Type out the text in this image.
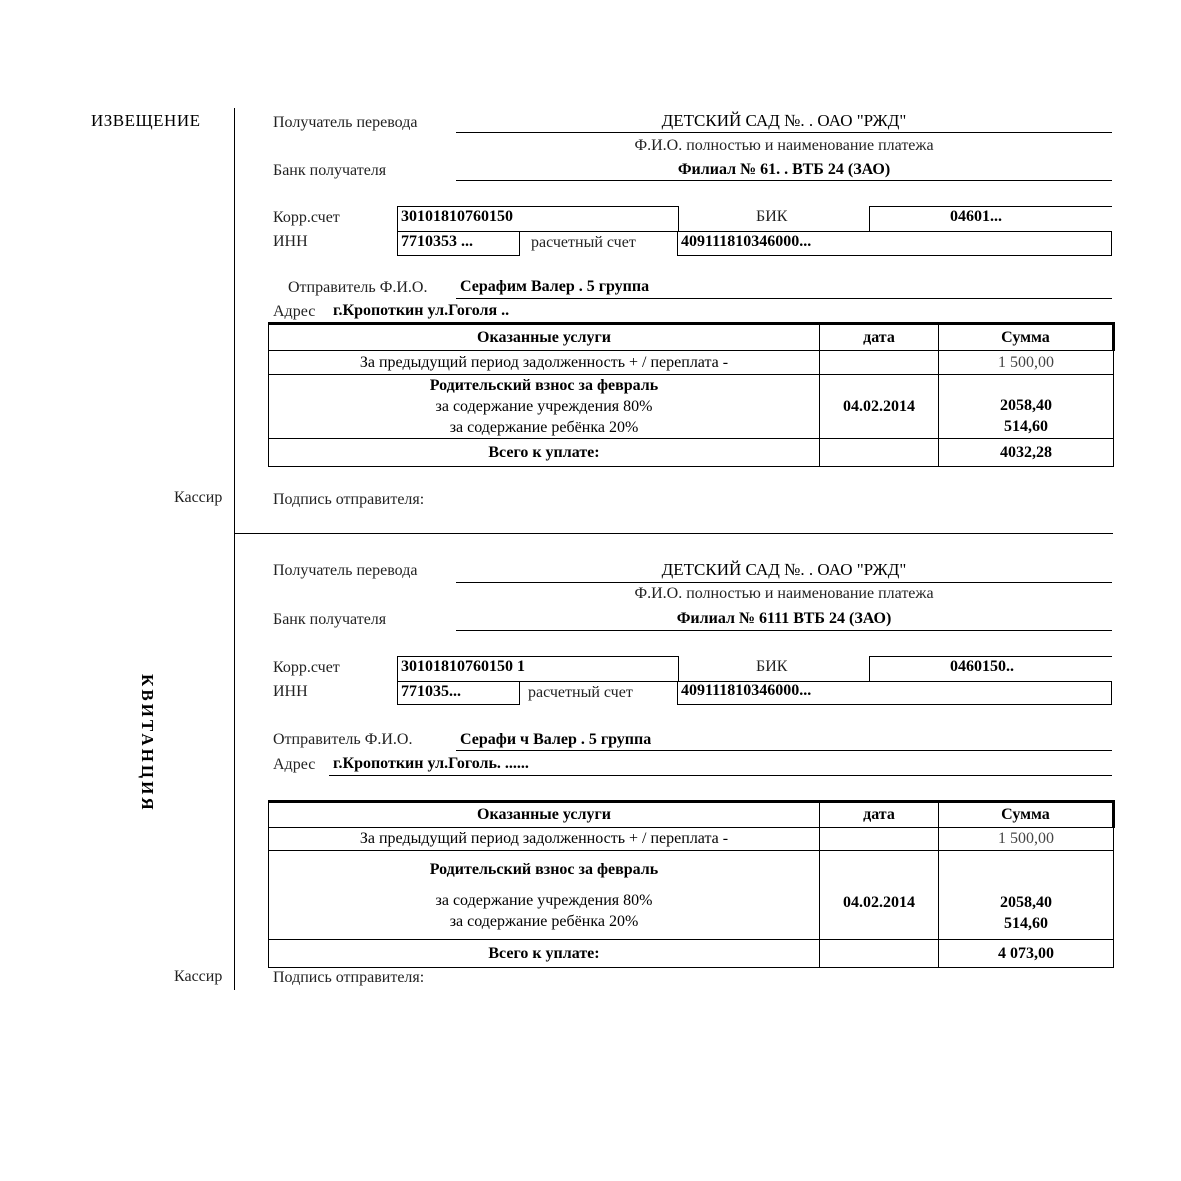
ИЗВЕЩЕНИЕ
Кассир
Получатель перевода	ДЕТСКИЙ САД №. . ОАО "РЖД"
Ф.И.О. полностью и наименование платежа
Банк получателя	Филиал № 61. . ВТБ 24 (ЗАО)
Корр.счет	30101810760150	БИК	04601...
ИНН	7710353 ...	расчетный счет	409111810346000...
Отправитель Ф.И.О. Серафим Валер . 5 группа
Адрес г.Кропоткин ул.Гоголя ..
Оказанные услуги	дата	Сумма
За предыдущий период задолженность + / переплата -		1 500,00

Родительский взнос за февраль
за содержание учреждения 80%
за содержание ребёнка 20%	04.02.2014	2058,40
514,60

Всего к уплате:		4032,28
Подпись отправителя:
КВИТАНЦИЯ
Кассир
Получатель перевода	ДЕТСКИЙ САД №. . ОАО "РЖД"
Ф.И.О. полностью и наименование платежа
Банк получателя	Филиал № 6111 ВТБ 24 (ЗАО)
Корр.счет	30101810760150 1	БИК	0460150..
ИНН	771035...	расчетный счет	409111810346000...
Отправитель Ф.И.О.	Серафи ч Валер . 5 группа
Адрес г.Кропоткин ул.Гоголь. ......
Оказанные услуги	дата	Сумма
За предыдущий период задолженность + / переплата -		1 500,00

Родительский взнос за февраль
за содержание учреждения 80%
за содержание ребёнка 20%	04.02.2014	2058,40
514,60

Всего к уплате:		4 073,00
Подпись отправителя:
